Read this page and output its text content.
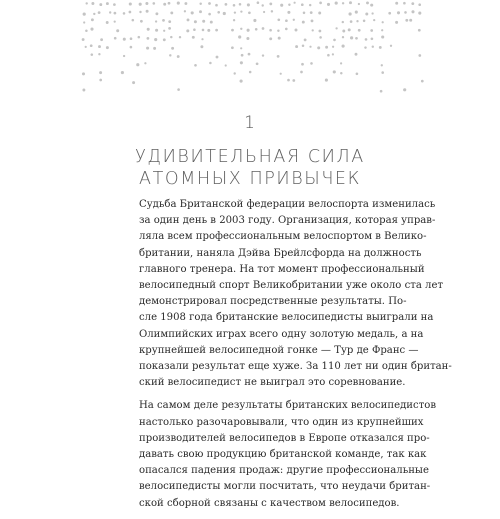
1
УДИВИТЕЛЬНАЯ СИЛА
АТОМНЫХ ПРИВЫЧЕК
Судьба Британской федерации велоспорта изменилась
за один день в 2003 году. Организация, которая управ-
ляла всем профессиональным велоспортом в Велико-
британии, наняла Дэйва Брейлсфорда на должность
главного тренера. На тот момент профессиональный
велосипедный спорт Великобритании уже около ста лет
демонстрировал посредственные результаты. По-
сле 1908 года британские велосипедисты выиграли на
Олимпийских играх всего одну золотую медаль, а на
крупнейшей велосипедной гонке — Тур де Франс —
показали результат еще хуже. За 110 лет ни один британ-
ский велосипедист не выиграл это соревнование.
На самом деле результаты британских велосипедистов
настолько разочаровывали, что один из крупнейших
производителей велосипедов в Европе отказался про-
давать свою продукцию британской команде, так как
опасался падения продаж: другие профессиональные
велосипедисты могли посчитать, что неудачи британ-
ской сборной связаны с качеством велосипедов.
